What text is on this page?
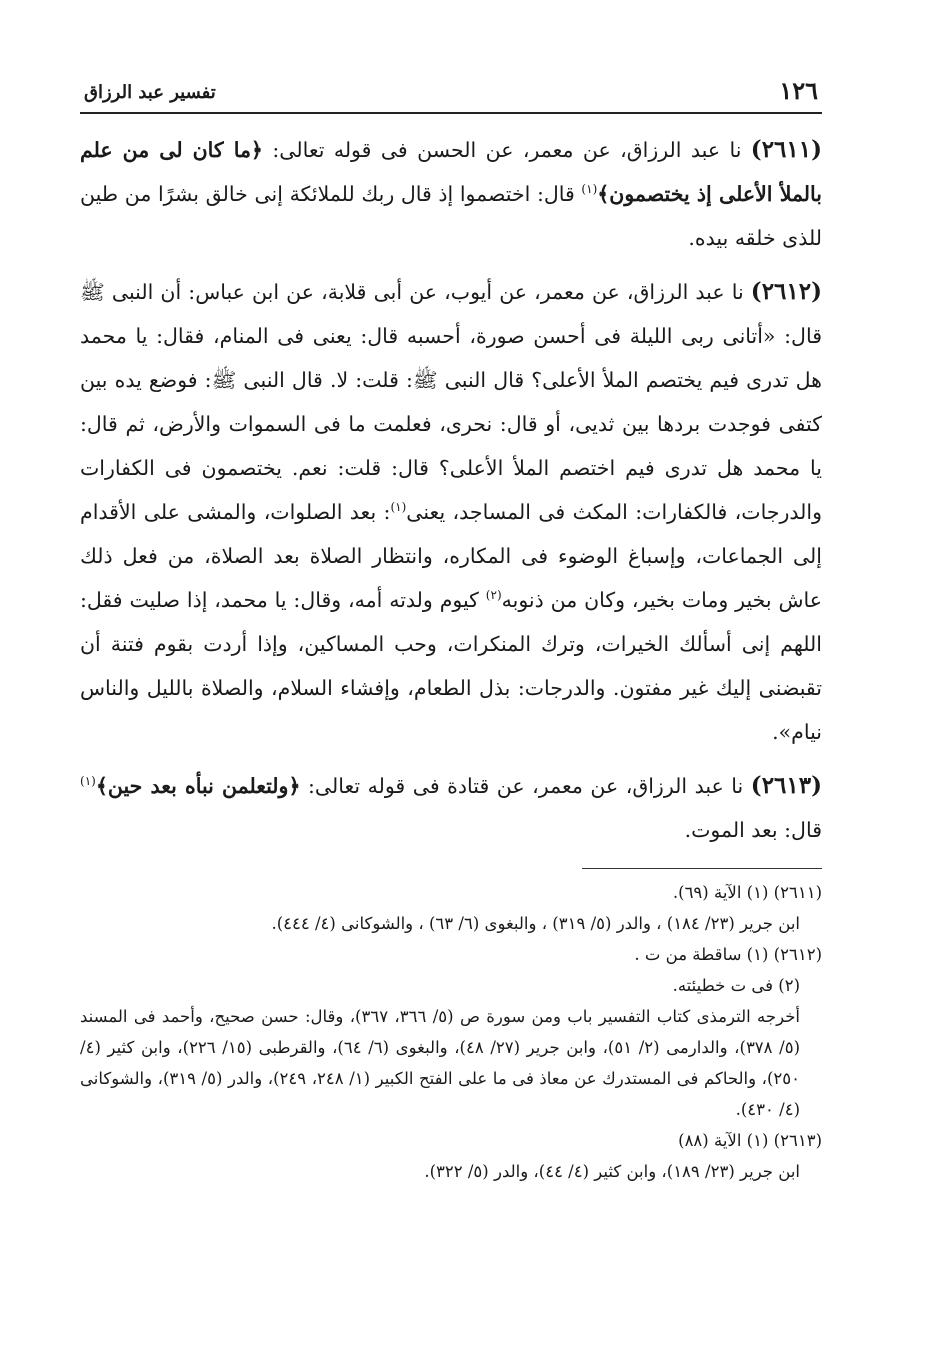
١٢٦
تفسير عبد الرزاق

(٢٦١١) نا عبد الرزاق، عن معمر، عن الحسن فى قوله تعالى: ﴿ما كان لى من علم بالملأ الأعلى إذ يختصمون﴾$^{(١)}$ قال: اختصموا إذ قال ربك للملائكة إنى خالق بشرًا من طين للذى خلقه بيده.

(٢٦١٢) نا عبد الرزاق، عن معمر، عن أيوب، عن أبى قلابة، عن ابن عباس: أن النبى ﷺ قال: «أتانى ربى الليلة فى أحسن صورة، أحسبه قال: يعنى فى المنام، فقال: يا محمد هل تدرى فيم يختصم الملأ الأعلى؟ قال النبى ﷺ: قلت: لا. قال النبى ﷺ: فوضع يده بين كتفى فوجدت بردها بين ثديى، أو قال: نحرى، فعلمت ما فى السموات والأرض، ثم قال: يا محمد هل تدرى فيم اختصم الملأ الأعلى؟ قال: قلت: نعم. يختصمون فى الكفارات والدرجات، فالكفارات: المكث فى المساجد، يعنى$^{(١)}$: بعد الصلوات، والمشى على الأقدام إلى الجماعات، وإسباغ الوضوء فى المكاره، وانتظار الصلاة بعد الصلاة، من فعل ذلك عاش بخير ومات بخير، وكان من ذنوبه$^{(٢)}$ كيوم ولدته أمه، وقال: يا محمد، إذا صليت فقل: اللهم إنى أسألك الخيرات، وترك المنكرات، وحب المساكين، وإذا أردت بقوم فتنة أن تقبضنى إليك غير مفتون. والدرجات: بذل الطعام، وإفشاء السلام، والصلاة بالليل والناس نيام».

(٢٦١٣) نا عبد الرزاق، عن معمر، عن قتادة فى قوله تعالى: ﴿ولتعلمن نبأه بعد حين﴾$^{(١)}$ قال: بعد الموت.

(٢٦١١) (١) الآية (٦٩).

ابن جرير (٢٣/ ١٨٤) ، والدر (٥/ ٣١٩) ، والبغوى (٦/ ٦٣) ، والشوكانى (٤/ ٤٤٤).

(٢٦١٢) (١) ساقطة من ت .

(٢) فى ت خطيئته.

أخرجه الترمذى كتاب التفسير باب ومن سورة ص (٥/ ٣٦٦، ٣٦٧)، وقال: حسن صحيح، وأحمد فى المسند (٥/ ٣٧٨)، والدارمى (٢/ ٥١)، وابن جرير (٢٧/ ٤٨)، والبغوى (٦/ ٦٤)، والقرطبى (١٥/ ٢٢٦)، وابن كثير (٤/ ٢٥٠)، والحاكم فى المستدرك عن معاذ فى ما على الفتح الكبير (١/ ٢٤٨، ٢٤٩)، والدر (٥/ ٣١٩)، والشوكانى (٤/ ٤٣٠).

(٢٦١٣) (١) الآية (٨٨)

ابن جرير (٢٣/ ١٨٩)، وابن كثير (٤/ ٤٤)، والدر (٥/ ٣٢٢).
